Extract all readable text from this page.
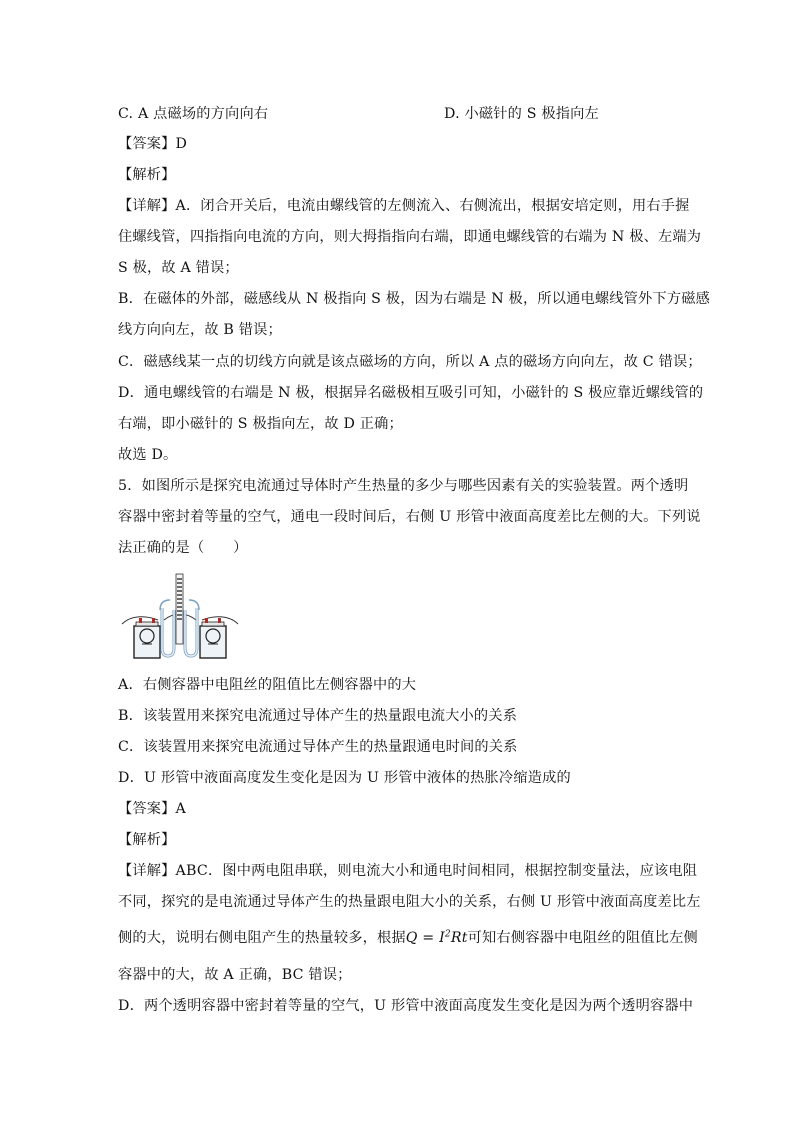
C. A 点磁场的方向向右	D. 小磁针的 S 极指向左
【答案】D
【解析】
【详解】A．闭合开关后，电流由螺线管的左侧流入、右侧流出，根据安培定则，用右手握
住螺线管，四指指向电流的方向，则大拇指指向右端，即通电螺线管的右端为 N 极、左端为
S 极，故 A 错误；
B．在磁体的外部，磁感线从 N 极指向 S 极，因为右端是 N 极，所以通电螺线管外下方磁感
线方向向左，故 B 错误；
C．磁感线某一点的切线方向就是该点磁场的方向，所以 A 点的磁场方向向左，故 C 错误；
D．通电螺线管的右端是 N 极，根据异名磁极相互吸引可知，小磁针的 S 极应靠近螺线管的
右端，即小磁针的 S 极指向左，故 D 正确；
故选 D。
5．如图所示是探究电流通过导体时产生热量的多少与哪些因素有关的实验装置。两个透明
容器中密封着等量的空气，通电一段时间后，右侧 U 形管中液面高度差比左侧的大。下列说
法正确的是（　　）
A．右侧容器中电阻丝的阻值比左侧容器中的大
B．该装置用来探究电流通过导体产生的热量跟电流大小的关系
C．该装置用来探究电流通过导体产生的热量跟通电时间的关系
D．U 形管中液面高度发生变化是因为 U 形管中液体的热胀冷缩造成的
【答案】A
【解析】
【详解】ABC．图中两电阻串联，则电流大小和通电时间相同，根据控制变量法，应该电阻
不同，探究的是电流通过导体产生的热量跟电阻大小的关系，右侧 U 形管中液面高度差比左
侧的大，说明右侧电阻产生的热量较多，根据$Q = I^2Rt$可知右侧容器中电阻丝的阻值比左侧
容器中的大，故 A 正确，BC 错误；
D．两个透明容器中密封着等量的空气，U 形管中液面高度发生变化是因为两个透明容器中
